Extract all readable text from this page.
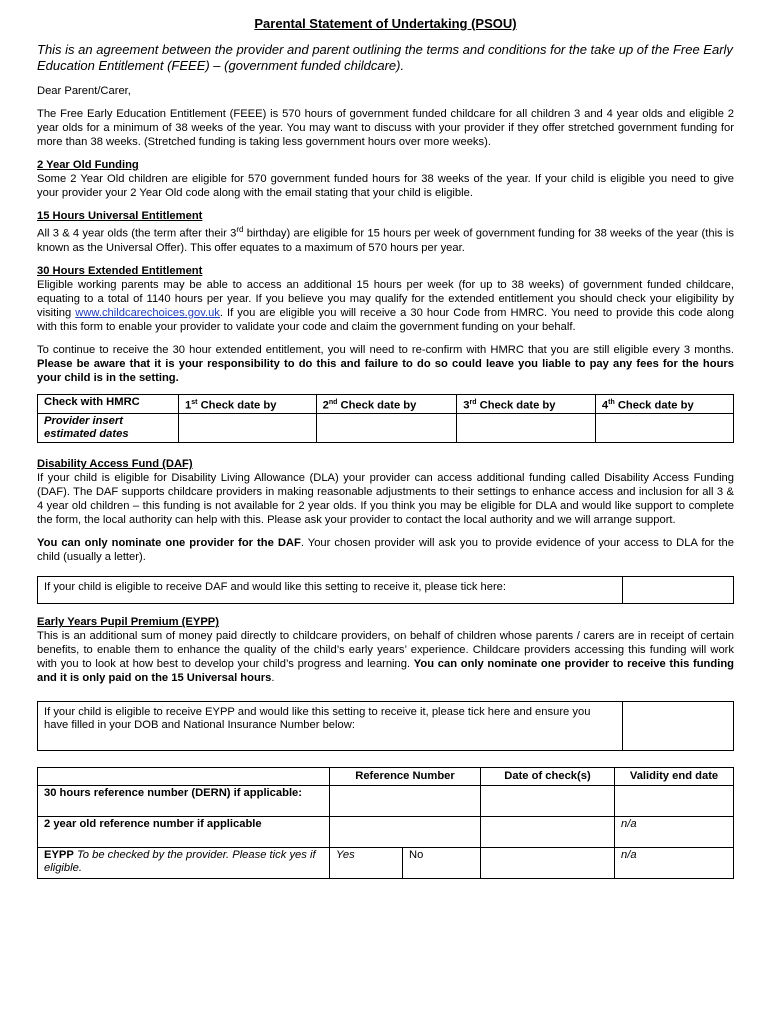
Parental Statement of Undertaking (PSOU)
This is an agreement between the provider and parent outlining the terms and conditions for the take up of the Free Early Education Entitlement (FEEE) – (government funded childcare).

Dear Parent/Carer,

The Free Early Education Entitlement (FEEE) is 570 hours of government funded childcare for all children 3 and 4 year olds and eligible 2 year olds for a minimum of 38 weeks of the year. You may want to discuss with your provider if they offer stretched government funding for more than 38 weeks. (Stretched funding is taking less government hours over more weeks).

2 Year Old Funding
Some 2 Year Old children are eligible for 570 government funded hours for 38 weeks of the year. If your child is eligible you need to give your provider your 2 Year Old code along with the email stating that your child is eligible.

15 Hours Universal Entitlement
All 3 & 4 year olds (the term after their 3rd birthday) are eligible for 15 hours per week of government funding for 38 weeks of the year (this is known as the Universal Offer). This offer equates to a maximum of 570 hours per year.

30 Hours Extended Entitlement
Eligible working parents may be able to access an additional 15 hours per week (for up to 38 weeks) of government funded childcare, equating to a total of 1140 hours per year. If you believe you may qualify for the extended entitlement you should check your eligibility by visiting www.childcarechoices.gov.uk. If you are eligible you will receive a 30 hour Code from HMRC. You need to provide this code along with this form to enable your provider to validate your code and claim the government funding on your behalf.

To continue to receive the 30 hour extended entitlement, you will need to re-confirm with HMRC that you are still eligible every 3 months. Please be aware that it is your responsibility to do this and failure to do so could leave you liable to pay any fees for the hours your child is in the setting.

Check with HMRC	1st Check date by	2nd Check date by	3rd Check date by	4th Check date by
Provider insert estimated dates				

Disability Access Fund (DAF)
If your child is eligible for Disability Living Allowance (DLA) your provider can access additional funding called Disability Access Funding (DAF). The DAF supports childcare providers in making reasonable adjustments to their settings to enhance access and inclusion for all 3 & 4 year old children – this funding is not available for 2 year olds. If you think you may be eligible for DLA and would like support to complete the form, the local authority can help with this. Please ask your provider to contact the local authority and we will arrange support.

You can only nominate one provider for the DAF. Your chosen provider will ask you to provide evidence of your access to DLA for the child (usually a letter).

If your child is eligible to receive DAF and would like this setting to receive it, please tick here:	

Early Years Pupil Premium (EYPP)
This is an additional sum of money paid directly to childcare providers, on behalf of children whose parents / carers are in receipt of certain benefits, to enable them to enhance the quality of the child’s early years’ experience. Childcare providers accessing this funding will work with you to look at how best to develop your child’s progress and learning. You can only nominate one provider to receive this funding and it is only paid on the 15 Universal hours.

If your child is eligible to receive EYPP and would like this setting to receive it, please tick here and ensure you have filled in your DOB and National Insurance Number below:	
	Reference Number		Date of check(s)	Validity end date
30 hours reference number (DERN) if applicable:				
2 year old reference number if applicable				n/a
EYPP To be checked by the provider. Please tick yes if eligible.	Yes	No		n/a
